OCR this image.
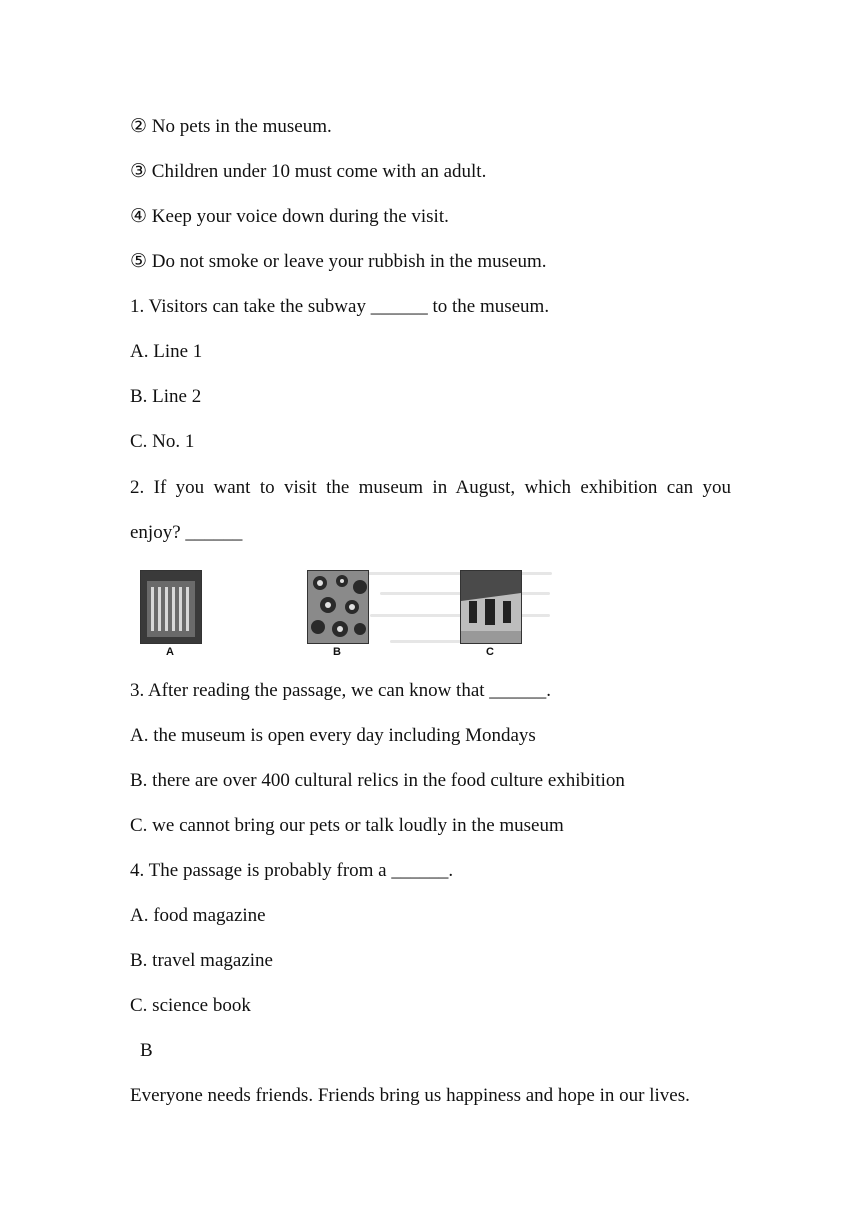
② No pets in the museum.
③ Children under 10 must come with an adult.
④ Keep your voice down during the visit.
⑤ Do not smoke or leave your rubbish in the museum.
1. Visitors can take the subway ______ to the museum.
A. Line 1
B. Line 2
C. No. 1
2. If you want to visit the museum in August, which exhibition can you
enjoy? ______
A	B	C
3. After reading the passage, we can know that ______.
A. the museum is open every day including Mondays
B. there are over 400 cultural relics in the food culture exhibition
C. we cannot bring our pets or talk loudly in the museum
4. The passage is probably from a ______.
A. food magazine
B. travel magazine
C. science book
B
Everyone needs friends. Friends bring us happiness and hope in our lives.
